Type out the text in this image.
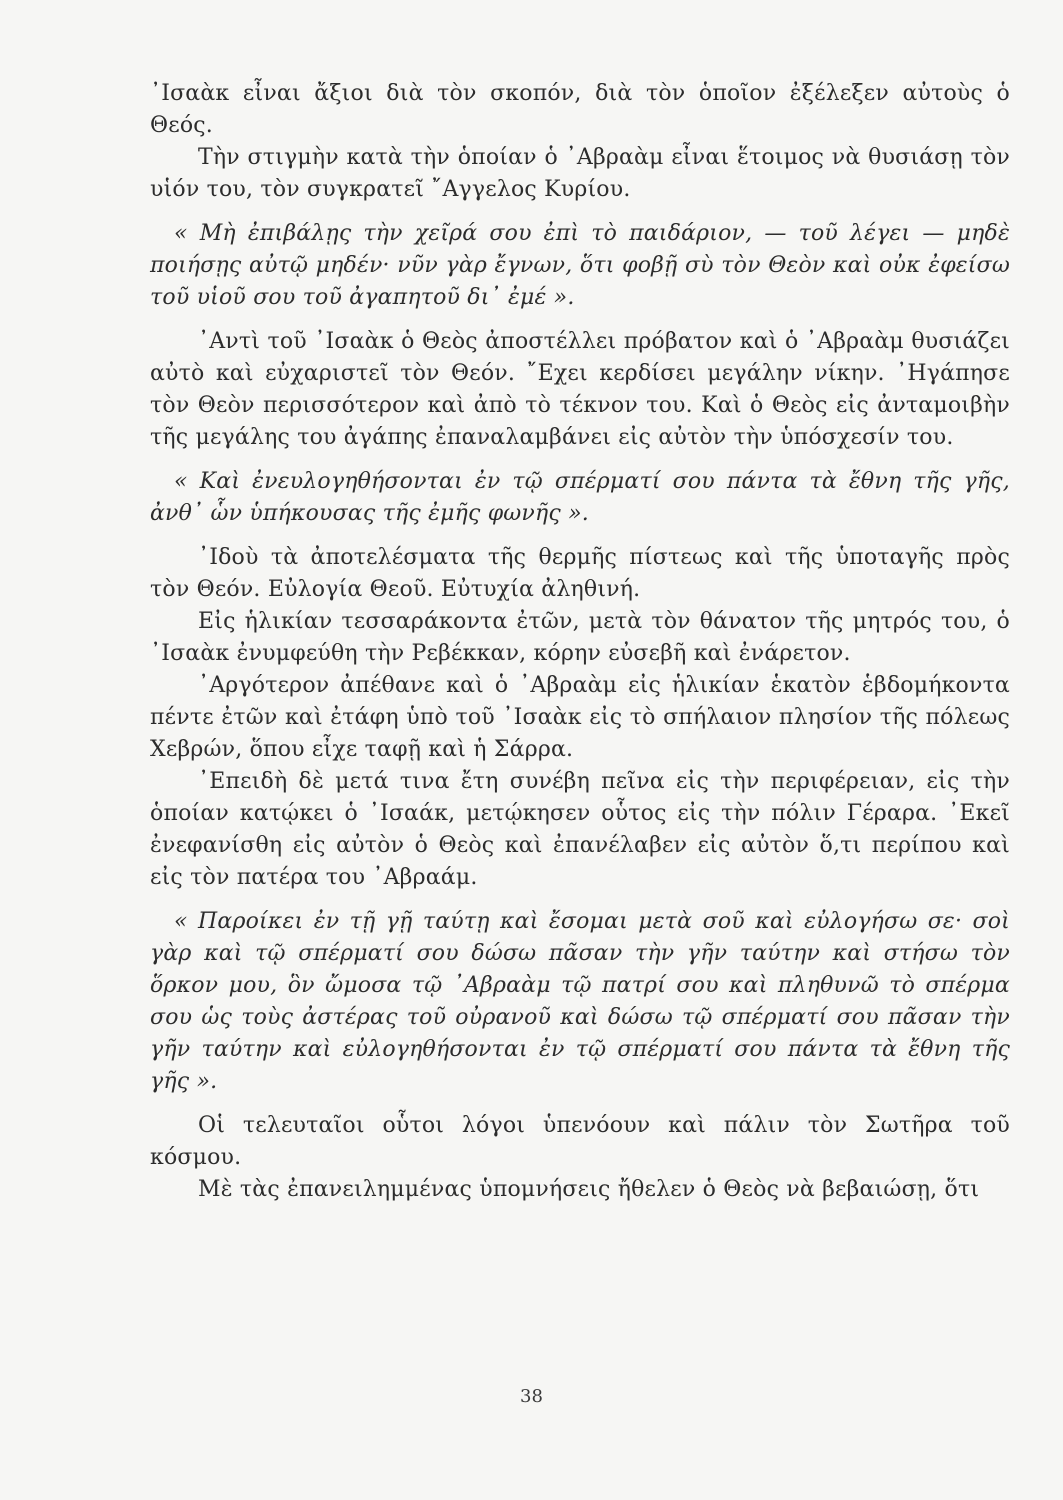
᾿Ισαὰκ εἶναι ἄξιοι διὰ τὸν σκοπόν, διὰ τὸν ὁποῖον ἐξέλεξεν αὐτοὺς ὁ Θεός.

Τὴν στιγμὴν κατὰ τὴν ὁποίαν ὁ ᾿Αβραὰμ εἶναι ἕτοιμος νὰ θυσιάσῃ τὸν υἱόν του, τὸν συγκρατεῖ ῎Αγγελος Κυρίου.

« Μὴ ἐπιβάλῃς τὴν χεῖρά σου ἐπὶ τὸ παιδάριον, — τοῦ λέγει — μηδὲ ποιήσῃς αὐτῷ μηδέν· νῦν γὰρ ἔγνων, ὅτι φοβῇ σὺ τὸν Θεὸν καὶ οὐκ ἐφείσω τοῦ υἱοῦ σου τοῦ ἀγαπητοῦ δι᾿ ἐμέ ».

᾿Αντὶ τοῦ ᾿Ισαὰκ ὁ Θεὸς ἀποστέλλει πρόβατον καὶ ὁ ᾿Αβραὰμ θυσιάζει αὐτὸ καὶ εὐχαριστεῖ τὸν Θεόν. ῎Εχει κερδίσει μεγάλην νίκην. ᾿Ηγάπησε τὸν Θεὸν περισσότερον καὶ ἀπὸ τὸ τέκνον του. Καὶ ὁ Θεὸς εἰς ἀνταμοιβὴν τῆς μεγάλης του ἀγάπης ἐπαναλαμβάνει εἰς αὐτὸν τὴν ὑπόσχεσίν του.

« Καὶ ἐνευλογηθήσονται ἐν τῷ σπέρματί σου πάντα τὰ ἔθνη τῆς γῆς, ἀνθ᾿ ὧν ὑπήκουσας τῆς ἐμῆς φωνῆς ».

᾿Ιδοὺ τὰ ἀποτελέσματα τῆς θερμῆς πίστεως καὶ τῆς ὑποταγῆς πρὸς τὸν Θεόν. Εὐλογία Θεοῦ. Εὐτυχία ἀληθινή.

Εἰς ἡλικίαν τεσσαράκοντα ἐτῶν, μετὰ τὸν θάνατον τῆς μητρός του, ὁ ᾿Ισαὰκ ἐνυμφεύθη τὴν Ρεβέκκαν, κόρην εὐσεβῆ καὶ ἐνάρετον.

᾿Αργότερον ἀπέθανε καὶ ὁ ᾿Αβραὰμ εἰς ἡλικίαν ἑκατὸν ἑβδομήκοντα πέντε ἐτῶν καὶ ἐτάφη ὑπὸ τοῦ ᾿Ισαὰκ εἰς τὸ σπήλαιον πλησίον τῆς πόλεως Χεβρών, ὅπου εἶχε ταφῇ καὶ ἡ Σάρρα.

᾿Επειδὴ δὲ μετά τινα ἔτη συνέβη πεῖνα εἰς τὴν περιφέρειαν, εἰς τὴν ὁποίαν κατῴκει ὁ ᾿Ισαάκ, μετῴκησεν οὗτος εἰς τὴν πόλιν Γέραρα. ᾿Εκεῖ ἐνεφανίσθη εἰς αὐτὸν ὁ Θεὸς καὶ ἐπανέλαβεν εἰς αὐτὸν ὅ,τι περίπου καὶ εἰς τὸν πατέρα του ᾿Αβραάμ.

« Παροίκει ἐν τῇ γῇ ταύτῃ καὶ ἔσομαι μετὰ σοῦ καὶ εὐλογήσω σε· σοὶ γὰρ καὶ τῷ σπέρματί σου δώσω πᾶσαν τὴν γῆν ταύτην καὶ στήσω τὸν ὅρκον μου, ὃν ὤμοσα τῷ ᾿Αβραὰμ τῷ πατρί σου καὶ πληθυνῶ τὸ σπέρμα σου ὡς τοὺς ἀστέρας τοῦ οὐρανοῦ καὶ δώσω τῷ σπέρματί σου πᾶσαν τὴν γῆν ταύτην καὶ εὐλογηθήσονται ἐν τῷ σπέρματί σου πάντα τὰ ἔθνη τῆς γῆς ».

Οἱ τελευταῖοι οὗτοι λόγοι ὑπενόουν καὶ πάλιν τὸν Σωτῆρα τοῦ κόσμου.

Μὲ τὰς ἐπανειλημμένας ὑπομνήσεις ἤθελεν ὁ Θεὸς νὰ βεβαιώσῃ, ὅτι

38
